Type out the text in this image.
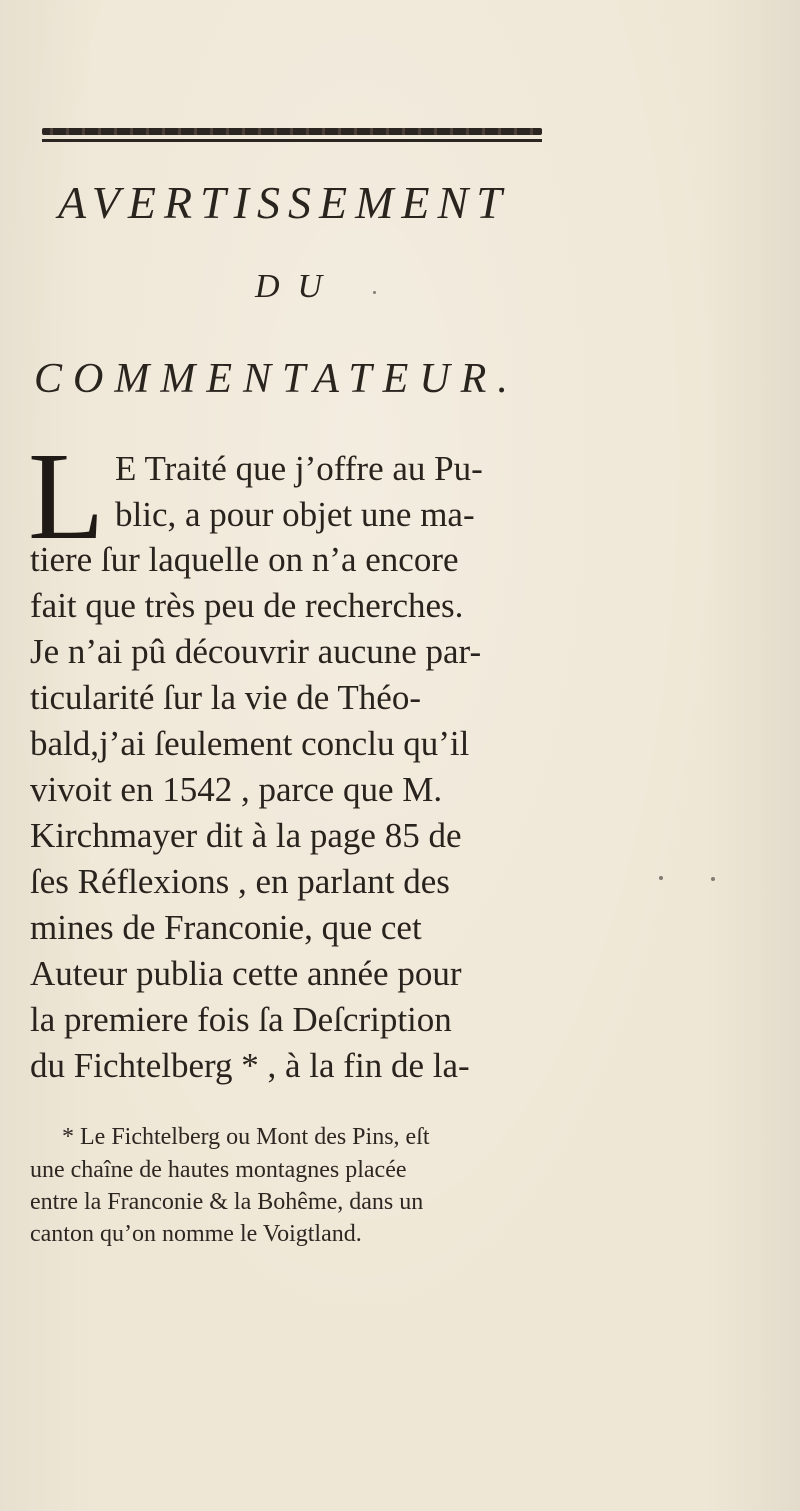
AVERTISSEMENT
DU
COMMENTATEUR.
L E Traité que j’offre au Pu-
blic, a pour objet une ma-
tiere ſur laquelle on n’a encore
fait que très peu de recherches.
Je n’ai pû découvrir aucune par-
ticularité ſur la vie de Théo-
bald,j’ai ſeulement conclu qu’il
vivoit en 1542 , parce que M.
Kirchmayer dit à la page 85 de
ſes Réflexions , en parlant des
mines de Franconie, que cet
Auteur publia cette année pour
la premiere fois ſa Deſcription
du Fichtelberg * , à la fin de la-
* Le Fichtelberg ou Mont des Pins, eſt
une chaîne de hautes montagnes placée
entre la Franconie & la Bohême, dans un
canton qu’on nomme le Voigtland.
